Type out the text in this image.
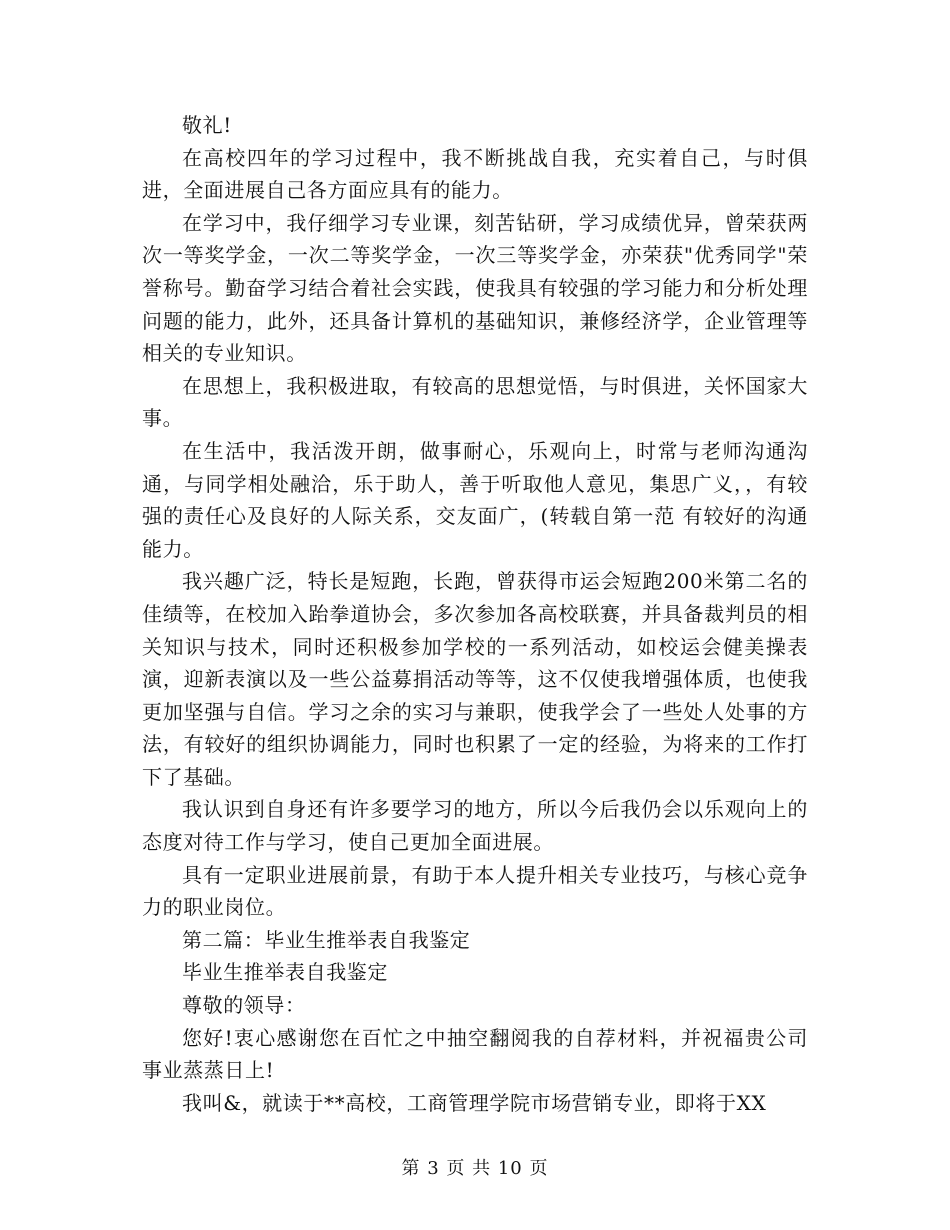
敬礼!

在高校四年的学习过程中，我不断挑战自我，充实着自己，与时俱进，全面进展自己各方面应具有的能力。

在学习中，我仔细学习专业课，刻苦钻研，学习成绩优异，曾荣获两次一等奖学金，一次二等奖学金，一次三等奖学金，亦荣获"优秀同学"荣誉称号。勤奋学习结合着社会实践，使我具有较强的学习能力和分析处理问题的能力，此外，还具备计算机的基础知识，兼修经济学，企业管理等相关的专业知识。

在思想上，我积极进取，有较高的思想觉悟，与时俱进，关怀国家大事。

在生活中，我活泼开朗，做事耐心，乐观向上，时常与老师沟通沟通，与同学相处融洽，乐于助人，善于听取他人意见，集思广义，，有较强的责任心及良好的人际关系，交友面广，(转载自第一范 有较好的沟通能力。

我兴趣广泛，特长是短跑，长跑，曾获得市运会短跑200米第二名的佳绩等，在校加入跆拳道协会，多次参加各高校联赛，并具备裁判员的相关知识与技术，同时还积极参加学校的一系列活动，如校运会健美操表演，迎新表演以及一些公益募捐活动等等，这不仅使我增强体质，也使我更加坚强与自信。学习之余的实习与兼职，使我学会了一些处人处事的方法，有较好的组织协调能力，同时也积累了一定的经验，为将来的工作打下了基础。

我认识到自身还有许多要学习的地方，所以今后我仍会以乐观向上的态度对待工作与学习，使自己更加全面进展。

具有一定职业进展前景，有助于本人提升相关专业技巧，与核心竞争力的职业岗位。

第二篇：毕业生推举表自我鉴定

毕业生推举表自我鉴定

尊敬的领导：

您好!衷心感谢您在百忙之中抽空翻阅我的自荐材料，并祝福贵公司事业蒸蒸日上!

我叫&，就读于**高校，工商管理学院市场营销专业，即将于XX

第 3 页 共 10 页
